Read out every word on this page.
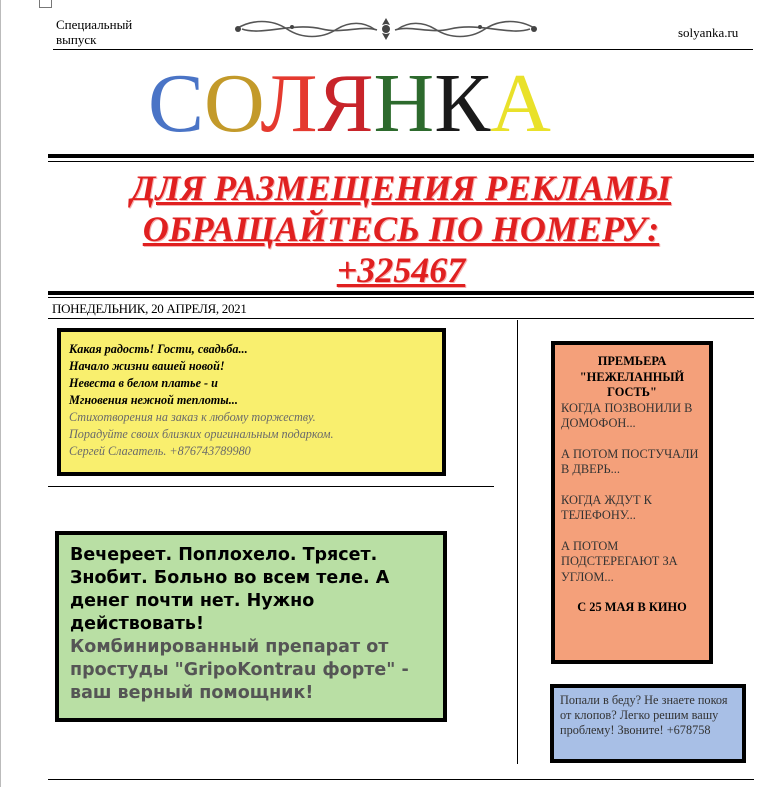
Специальный выпуск	solyanka.ru
СОЛЯНКА
ДЛЯ РАЗМЕЩЕНИЯ РЕКЛАМЫ
ОБРАЩАЙТЕСЬ ПО НОМЕРУ:
+325467
ПОНЕДЕЛЬНИК, 20 АПРЕЛЯ, 2021
Какая радость! Гости, свадьба...
Начало жизни вашей новой!
Невеста в белом платье - и
Мгновения нежной теплоты...
Стихотворения на заказ к любому торжеству.
Порадуйте своих близких оригинальным подарком.
Сергей Слагатель. +876743789980
Вечереет. Поплохело. Трясет. Знобит. Больно во всем теле. А денег почти нет. Нужно действовать!
Комбинированный препарат от простуды "GripoKontrau форте" - ваш верный помощник!
ПРЕМЬЕРА "НЕЖЕЛАННЫЙ ГОСТЬ"

КОГДА ПОЗВОНИЛИ В ДОМОФОН...

А ПОТОМ ПОСТУЧАЛИ В ДВЕРЬ...

КОГДА ЖДУТ К ТЕЛЕФОНУ...

А ПОТОМ ПОДСТЕРЕГАЮТ ЗА УГЛОМ...

С 25 МАЯ В КИНО
Попали в беду? Не знаете покоя от клопов? Легко решим вашу проблему! Звоните! +678758
